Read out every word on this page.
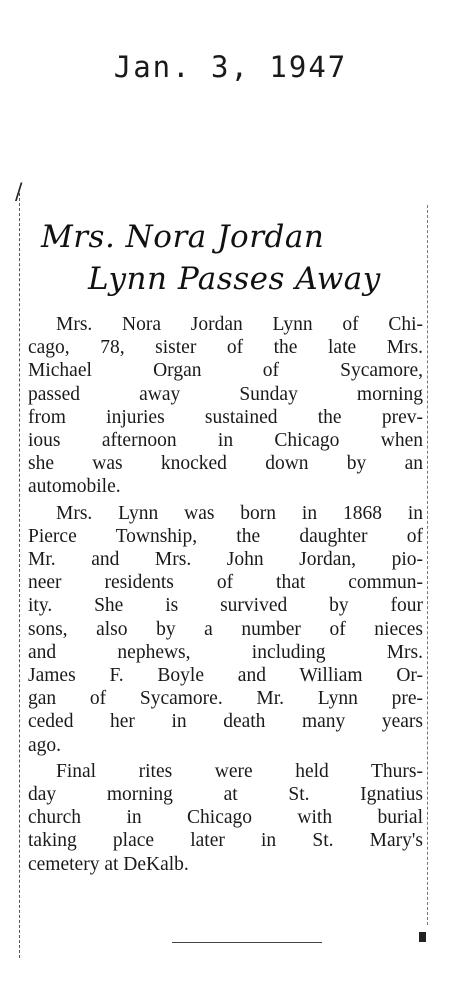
Jan. 3, 1947
/
Mrs. Nora Jordan
Lynn Passes Away

Mrs. Nora Jordan Lynn of Chi-
cago, 78, sister of the late Mrs.
Michael Organ of Sycamore,
passed away Sunday morning
from injuries sustained the prev-
ious afternoon in Chicago when
she was knocked down by an
automobile.

Mrs. Lynn was born in 1868 in
Pierce Township, the daughter of
Mr. and Mrs. John Jordan, pio-
neer residents of that commun-
ity. She is survived by four
sons, also by a number of nieces
and nephews, including Mrs.
James F. Boyle and William Or-
gan of Sycamore. Mr. Lynn pre-
ceded her in death many years
ago.

Final rites were held Thurs-
day morning at St. Ignatius
church in Chicago with burial
taking place later in St. Mary's
cemetery at DeKalb.
